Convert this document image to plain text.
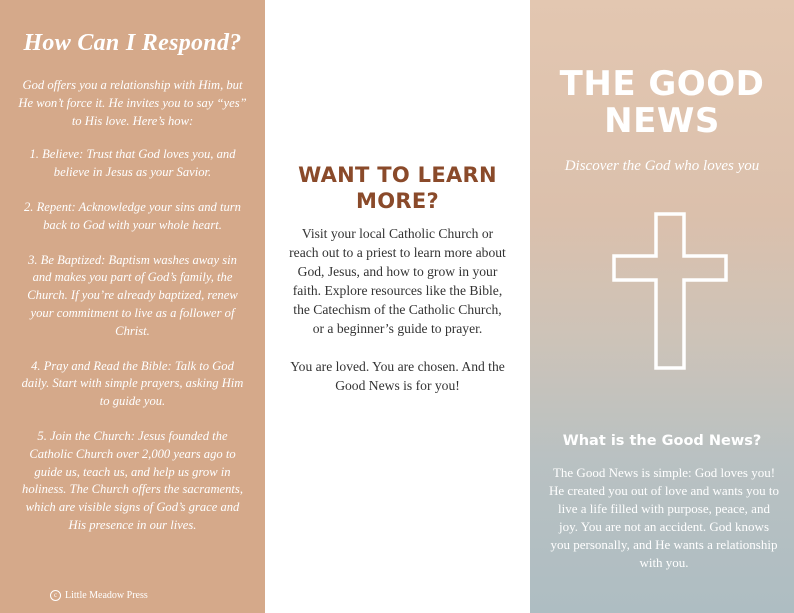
How Can I Respond?

God offers you a relationship with Him, but He won’t force it. He invites you to say “yes” to His love. Here’s how:

1. Believe: Trust that God loves you, and believe in Jesus as your Savior.

2. Repent: Acknowledge your sins and turn back to God with your whole heart.

3. Be Baptized: Baptism washes away sin and makes you part of God’s family, the Church. If you’re already baptized, renew your commitment to live as a follower of Christ.

4. Pray and Read the Bible: Talk to God daily. Start with simple prayers, asking Him to guide you.

5. Join the Church: Jesus founded the Catholic Church over 2,000 years ago to guide us, teach us, and help us grow in holiness. The Church offers the sacraments, which are visible signs of God’s grace and His presence in our lives.

c Little Meadow Press
WANT TO LEARN MORE?

Visit your local Catholic Church or reach out to a priest to learn more about God, Jesus, and how to grow in your faith. Explore resources like the Bible, the Catechism of the Catholic Church, or a beginner’s guide to prayer.

You are loved. You are chosen. And the Good News is for you!

THE GOOD NEWS

Discover the God who loves you

What is the Good News?

The Good News is simple: God loves you! He created you out of love and wants you to live a life filled with purpose, peace, and joy. You are not an accident. God knows you personally, and He wants a relationship with you.
